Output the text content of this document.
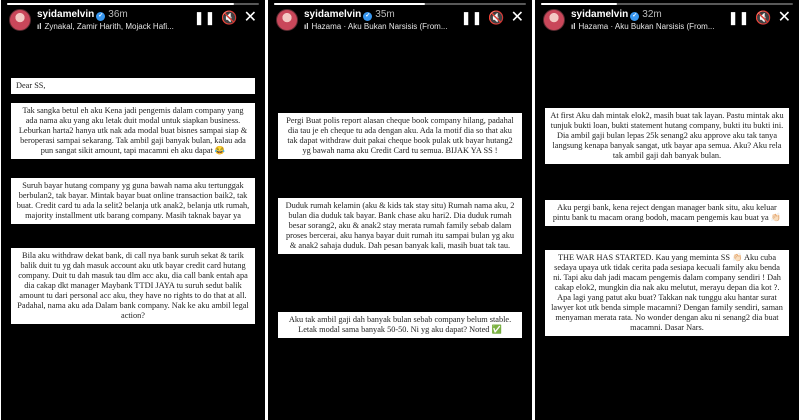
syidamelvin ✓ 36m
ıl Zynakal, Zamir Harith, Mojack Hafi...
❚❚ 🔇 ✕
Dear SS,
Tak sangka betul eh aku Kena jadi pengemis dalam company yang ada nama aku yang aku letak duit modal untuk siapkan business. Leburkan harta2 hanya utk nak ada modal buat bisnes sampai siap & beroperasi sampai sekarang. Tak ambil gaji banyak bulan, kalau ada pun sangat sikit amount, tapi macamni eh aku dapat 😂
Suruh bayar hutang company yg guna bawah nama aku tertunggak berbulan2, tak bayar. Mintak bayar buat online transaction baik2, tak buat. Credit card tu ada la selit2 belanja utk anak2, belanja utk rumah, majority installment utk barang company. Masih taknak bayar ya
Bila aku withdraw dekat bank, di call nya bank suruh sekat & tarik balik duit tu yg dah masuk account aku utk bayar credit card hutang company. Duit tu dah masuk tau dlm acc aku, dia call bank entah apa dia cakap dkt manager Maybank TTDI JAYA tu suruh sedut balik amount tu dari personal acc aku, they have no rights to do that at all. Padahal, nama aku ada Dalam bank company. Nak ke aku ambil legal action?
syidamelvin ✓ 35m
ıl Hazama · Aku Bukan Narsisis (From...
❚❚ 🔇 ✕
Pergi Buat polis report alasan cheque book company hilang, padahal dia tau je eh cheque tu ada dengan aku. Ada la motif dia so that aku tak dapat withdraw duit pakai cheque book pulak utk bayar hutang2 yg bawah nama aku Credit Card tu semua. BIJAK YA SS !
Duduk rumah kelamin (aku & kids tak stay situ) Rumah nama aku, 2 bulan dia duduk tak bayar. Bank chase aku hari2. Dia duduk rumah besar sorang2, aku & anak2 stay merata rumah family sebab dalam proses bercerai, aku hanya bayar duit rumah itu sampai bulan yg aku & anak2 sahaja duduk. Dah pesan banyak kali, masih buat tak tau.
Aku tak ambil gaji dah banyak bulan sebab company belum stable. Letak modal sama banyak 50-50. Ni yg aku dapat? Noted ✅
syidamelvin ✓ 32m
ıl Hazama · Aku Bukan Narsisis (From...
❚❚ 🔇 ✕
At first Aku dah mintak elok2, masih buat tak layan. Pastu mintak aku tunjuk bukti loan, bukti statement hutang company, bukti itu bukti ini. Dia ambil gaji bulan lepas 25k senang2 aku approve aku tak tanya langsung kenapa banyak sangat, utk bayar apa semua. Aku? Aku rela tak ambil gaji dah banyak bulan.
Aku pergi bank, kena reject dengan manager bank situ, aku keluar pintu bank tu macam orang bodoh, macam pengemis kau buat ya 👏🏻
THE WAR HAS STARTED. Kau yang meminta SS 👏🏻 Aku cuba sedaya upaya utk tidak cerita pada sesiapa kecuali family aku benda ni. Tapi aku dah jadi macam pengemis dalam company sendiri ! Dah cakap elok2, mungkin dia nak aku melutut, merayu depan dia kot ?. Apa lagi yang patut aku buat? Takkan nak tunggu aku hantar surat lawyer kot utk benda simple macamni? Dengan family sendiri, saman menyaman merata rata. No wonder dengan aku ni senang2 dia buat macamni. Dasar Nars.
